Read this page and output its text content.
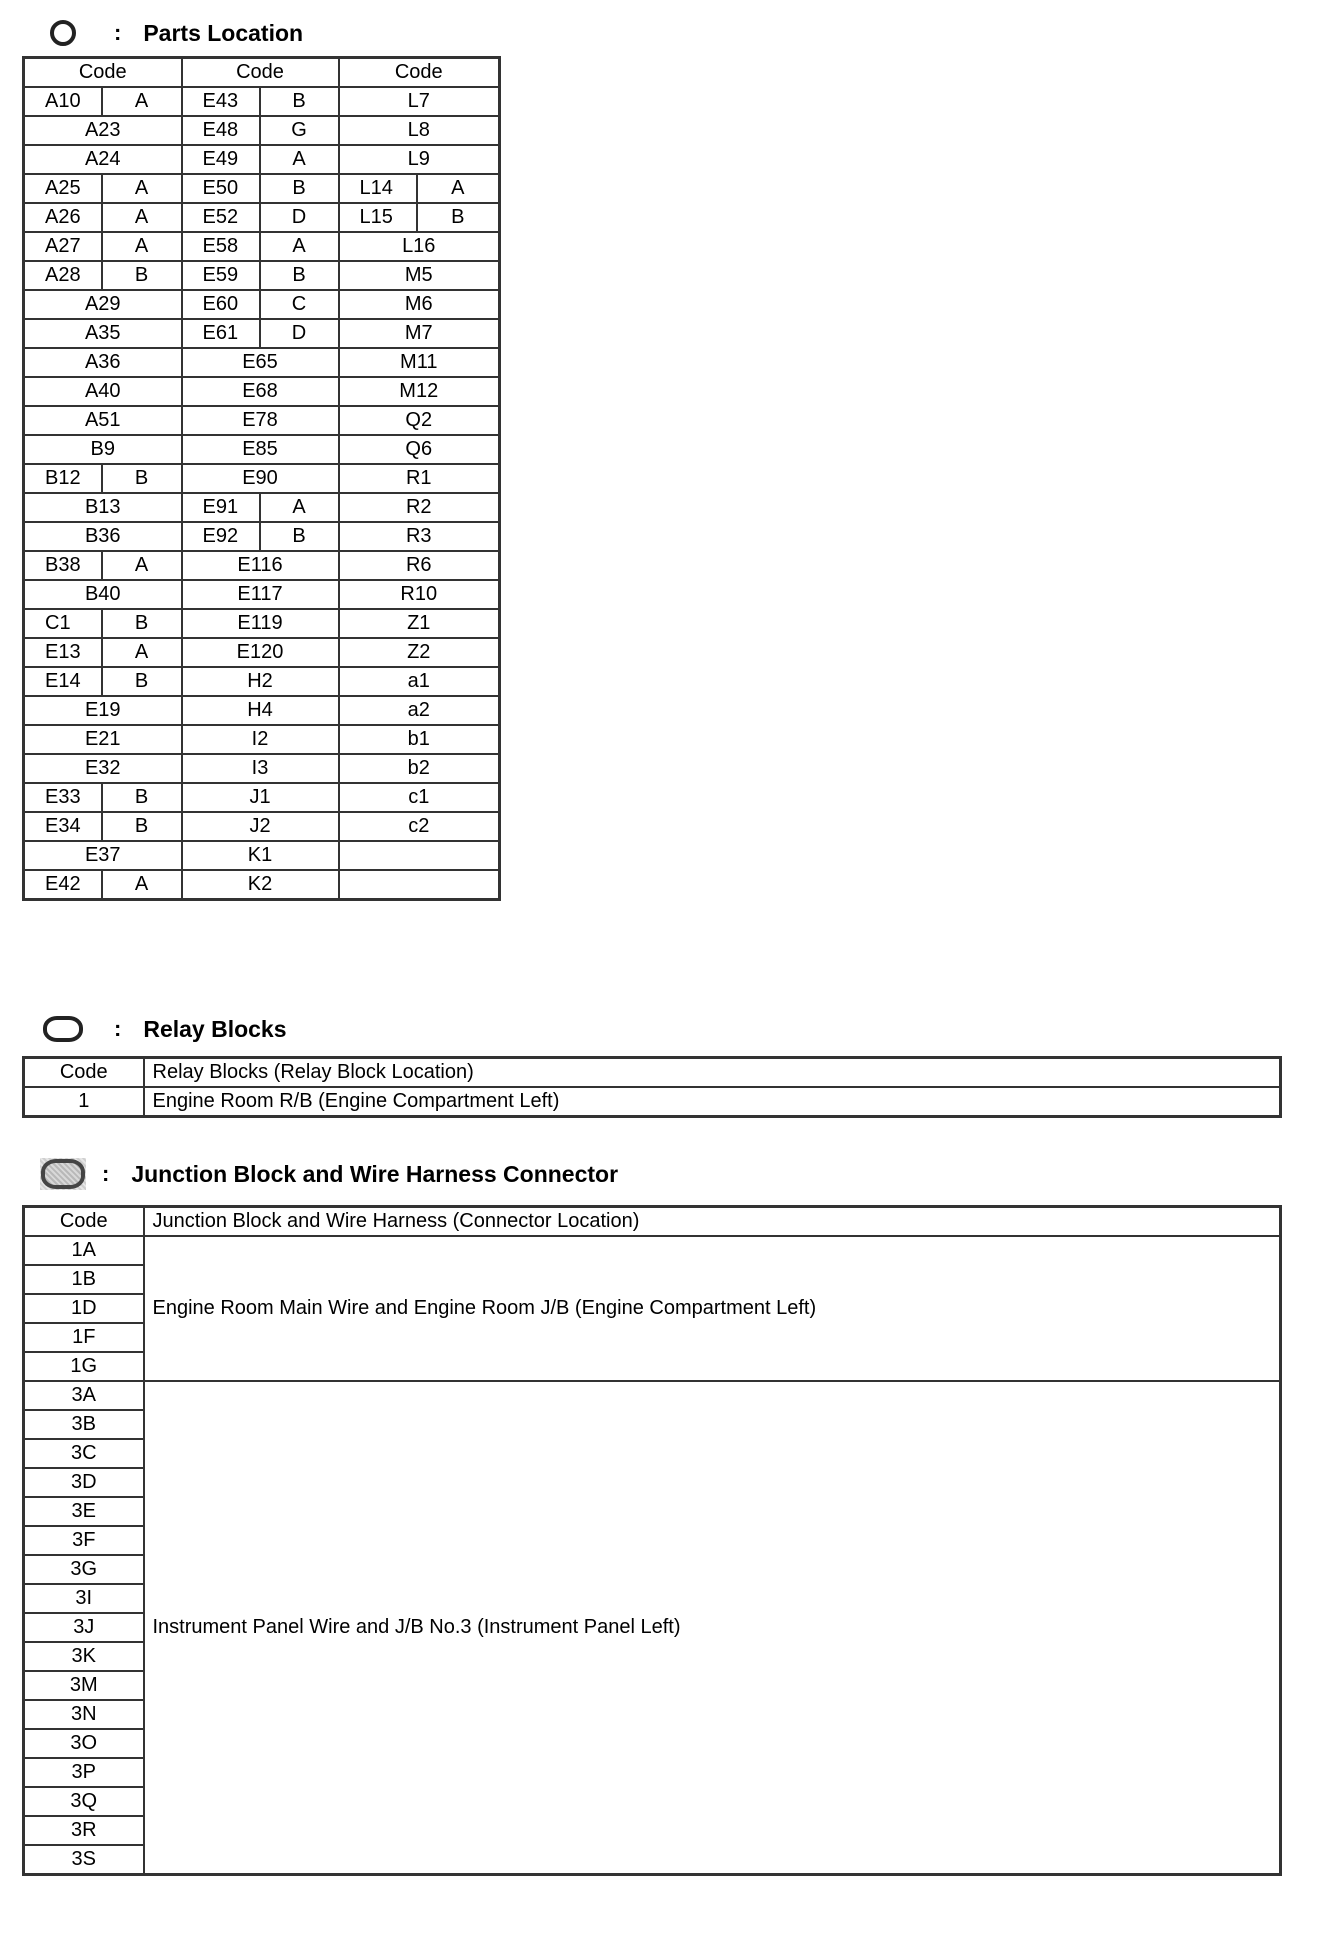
: Parts Location
Code		Code		Code	
A10	A	E43	B	L7	
A23		E48	G	L8	
A24		E49	A	L9	
A25	A	E50	B	L14	A
A26	A	E52	D	L15	B
A27	A	E58	A	L16	
A28	B	E59	B	M5	
A29		E60	C	M6	
A35		E61	D	M7	
A36		E65		M11	
A40		E68		M12	
A51		E78		Q2	
B9		E85		Q6	
B12	B	E90		R1	
B13		E91	A	R2	
B36		E92	B	R3	
B38	A	E116		R6	
B40		E117		R10	
C1	B	E119		Z1	
E13	A	E120		Z2	
E14	B	H2		a1	
E19		H4		a2	
E21		I2		b1	
E32		I3		b2	
E33	B	J1		c1	
E34	B	J2		c2	
E37		K1			
E42	A	K2			
: Relay Blocks
Code	Relay Blocks (Relay Block Location)
1	Engine Room R/B (Engine Compartment Left)
: Junction Block and Wire Harness Connector
Code	Junction Block and Wire Harness (Connector Location)
1A	Engine Room Main Wire and Engine Room J/B (Engine Compartment Left)
1B	
1D	
1F	
1G	
3A	Instrument Panel Wire and J/B No.3 (Instrument Panel Left)
3B	
3C	
3D	
3E	
3F	
3G	
3I	
3J	
3K	
3M	
3N	
3O	
3P	
3Q	
3R	
3S	
